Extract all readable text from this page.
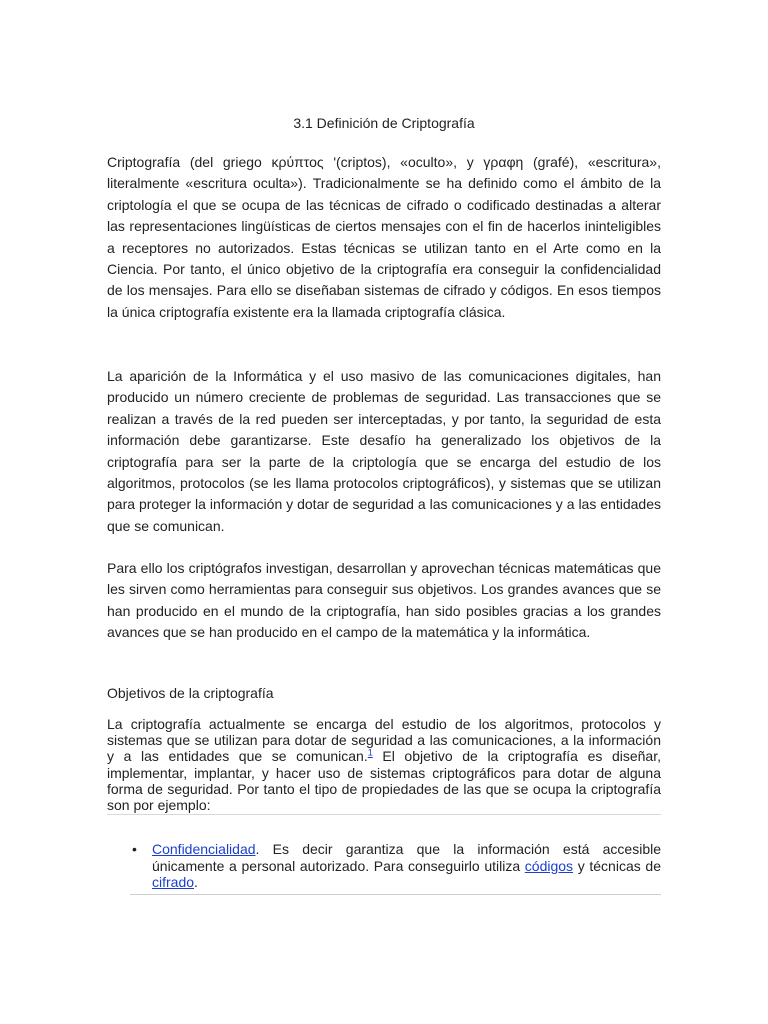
3.1 Definición de Criptografía

Criptografía (del griego κρύπτος '(criptos), «oculto», y γραφη (grafé), «escritura», literalmente «escritura oculta»). Tradicionalmente se ha definido como el ámbito de la criptología el que se ocupa de las técnicas de cifrado o codificado destinadas a alterar las representaciones lingüísticas de ciertos mensajes con el fin de hacerlos ininteligibles a receptores no autorizados. Estas técnicas se utilizan tanto en el Arte como en la Ciencia. Por tanto, el único objetivo de la criptografía era conseguir la confidencialidad de los mensajes. Para ello se diseñaban sistemas de cifrado y códigos. En esos tiempos la única criptografía existente era la llamada criptografía clásica.

La aparición de la Informática y el uso masivo de las comunicaciones digitales, han producido un número creciente de problemas de seguridad. Las transacciones que se realizan a través de la red pueden ser interceptadas, y por tanto, la seguridad de esta información debe garantizarse. Este desafío ha generalizado los objetivos de la criptografía para ser la parte de la criptología que se encarga del estudio de los algoritmos, protocolos (se les llama protocolos criptográficos), y sistemas que se utilizan para proteger la información y dotar de seguridad a las comunicaciones y a las entidades que se comunican.

Para ello los criptógrafos investigan, desarrollan y aprovechan técnicas matemáticas que les sirven como herramientas para conseguir sus objetivos. Los grandes avances que se han producido en el mundo de la criptografía, han sido posibles gracias a los grandes avances que se han producido en el campo de la matemática y la informática.

Objetivos de la criptografía

La criptografía actualmente se encarga del estudio de los algoritmos, protocolos y sistemas que se utilizan para dotar de seguridad a las comunicaciones, a la información y a las entidades que se comunican.$^1$ El objetivo de la criptografía es diseñar, implementar, implantar, y hacer uso de sistemas criptográficos para dotar de alguna forma de seguridad. Por tanto el tipo de propiedades de las que se ocupa la criptografía son por ejemplo:

• Confidencialidad. Es decir garantiza que la información está accesible únicamente a personal autorizado. Para conseguirlo utiliza códigos y técnicas de cifrado.
